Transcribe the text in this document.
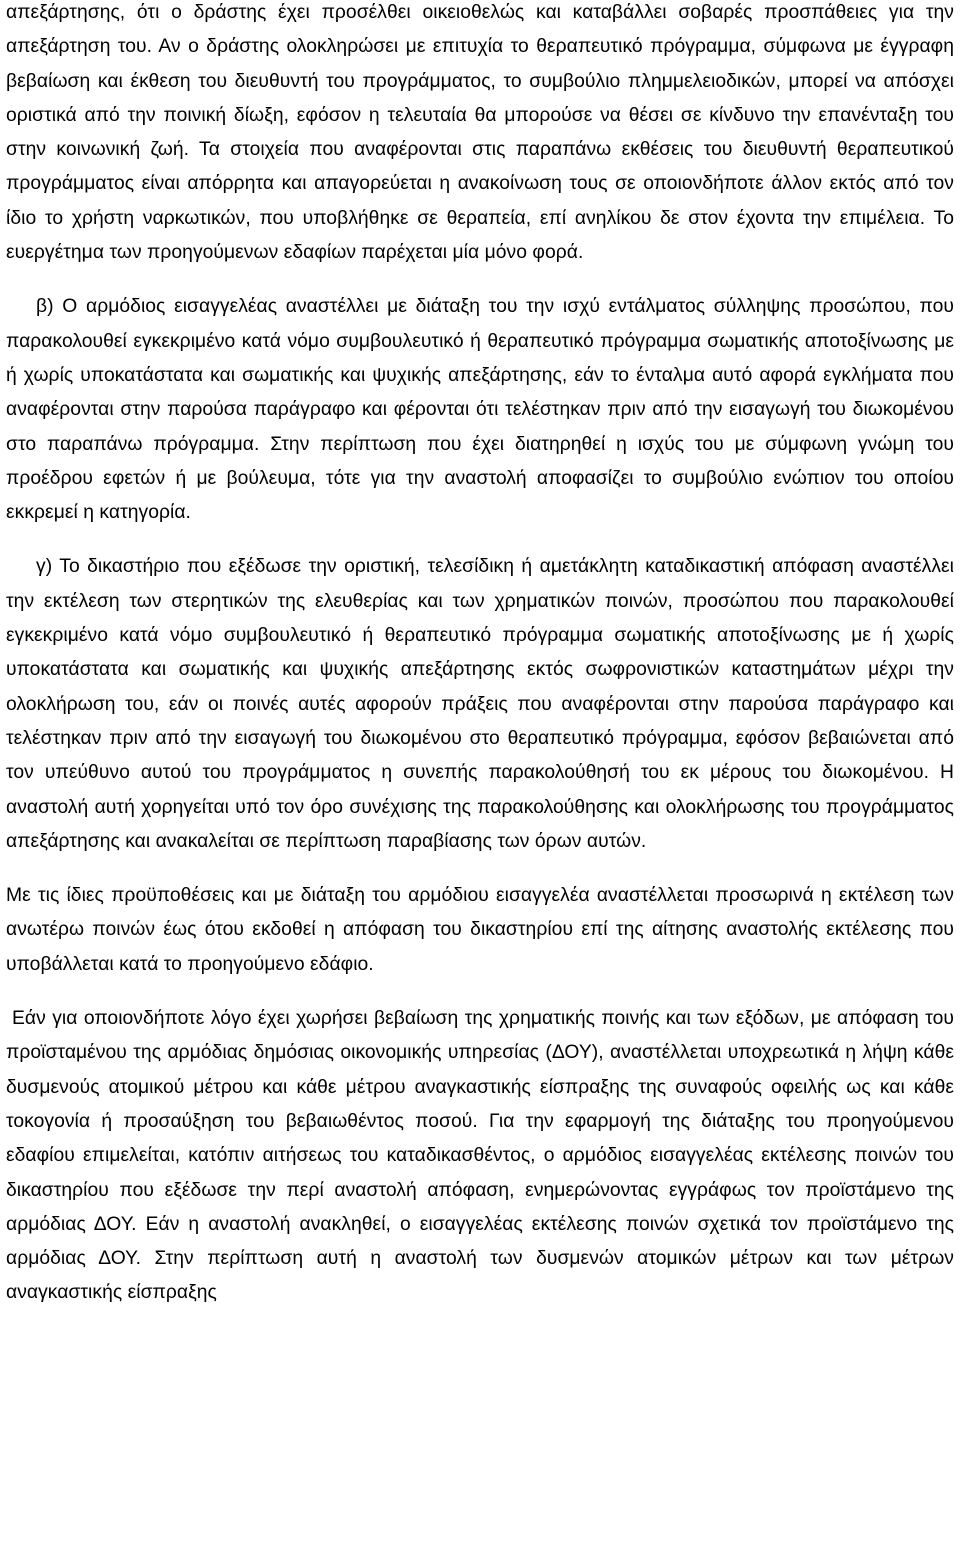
απεξάρτησης, ότι ο δράστης έχει προσέλθει οικειοθελώς και καταβάλλει σοβαρές προσπάθειες για την απεξάρτηση του. Αν ο δράστης ολοκληρώσει με επιτυχία το θεραπευτικό πρόγραμμα, σύμφωνα με έγγραφη βεβαίωση και έκθεση του διευθυντή του προγράμματος, το συμβούλιο πλημμελειοδικών, μπορεί να απόσχει οριστικά από την ποινική δίωξη, εφόσον η τελευταία θα μπορούσε να θέσει σε κίνδυνο την επανένταξη του στην κοινωνική ζωή. Τα στοιχεία που αναφέρονται στις παραπάνω εκθέσεις του διευθυντή θεραπευτικού προγράμματος είναι απόρρητα και απαγορεύεται η ανακοίνωση τους σε οποιονδήποτε άλλον εκτός από τον ίδιο το χρήστη ναρκωτικών, που υποβλήθηκε σε θεραπεία, επί ανηλίκου δε στον έχοντα την επιμέλεια. Το ευεργέτημα των προηγούμενων εδαφίων παρέχεται μία μόνο φορά.

β) Ο αρμόδιος εισαγγελέας αναστέλλει με διάταξη του την ισχύ εντάλματος σύλληψης προσώπου, που παρακολουθεί εγκεκριμένο κατά νόμο συμβουλευτικό ή θεραπευτικό πρόγραμμα σωματικής αποτοξίνωσης με ή χωρίς υποκατάστατα και σωματικής και ψυχικής απεξάρτησης, εάν το ένταλμα αυτό αφορά εγκλήματα που αναφέρονται στην παρούσα παράγραφο και φέρονται ότι τελέστηκαν πριν από την εισαγωγή του διωκομένου στο παραπάνω πρόγραμμα. Στην περίπτωση που έχει διατηρηθεί η ισχύς του με σύμφωνη γνώμη του προέδρου εφετών ή με βούλευμα, τότε για την αναστολή αποφασίζει το συμβούλιο ενώπιον του οποίου εκκρεμεί η κατηγορία.

γ) Το δικαστήριο που εξέδωσε την οριστική, τελεσίδικη ή αμετάκλητη καταδικαστική απόφαση αναστέλλει την εκτέλεση των στερητικών της ελευθερίας και των χρηματικών ποινών, προσώπου που παρακολουθεί εγκεκριμένο κατά νόμο συμβουλευτικό ή θεραπευτικό πρόγραμμα σωματικής αποτοξίνωσης με ή χωρίς υποκατάστατα και σωματικής και ψυχικής απεξάρτησης εκτός σωφρονιστικών καταστημάτων μέχρι την ολοκλήρωση του, εάν οι ποινές αυτές αφορούν πράξεις που αναφέρονται στην παρούσα παράγραφο και τελέστηκαν πριν από την εισαγωγή του διωκομένου στο θεραπευτικό πρόγραμμα, εφόσον βεβαιώνεται από τον υπεύθυνο αυτού του προγράμματος η συνεπής παρακολούθησή του εκ μέρους του διωκομένου. Η αναστολή αυτή χορηγείται υπό τον όρο συνέχισης της παρακολούθησης και ολοκλήρωσης του προγράμματος απεξάρτησης και ανακαλείται σε περίπτωση παραβίασης των όρων αυτών.

Με τις ίδιες προϋποθέσεις και με διάταξη του αρμόδιου εισαγγελέα αναστέλλεται προσωρινά η εκτέλεση των ανωτέρω ποινών έως ότου εκδοθεί η απόφαση του δικαστηρίου επί της αίτησης αναστολής εκτέλεσης που υποβάλλεται κατά το προηγούμενο εδάφιο.

Εάν για οποιονδήποτε λόγο έχει χωρήσει βεβαίωση της χρηματικής ποινής και των εξόδων, με απόφαση του προϊσταμένου της αρμόδιας δημόσιας οικονομικής υπηρεσίας (ΔΟΥ), αναστέλλεται υποχρεωτικά η λήψη κάθε δυσμενούς ατομικού μέτρου και κάθε μέτρου αναγκαστικής είσπραξης της συναφούς οφειλής ως και κάθε τοκογονία ή προσαύξηση του βεβαιωθέντος ποσού. Για την εφαρμογή της διάταξης του προηγούμενου εδαφίου επιμελείται, κατόπιν αιτήσεως του καταδικασθέντος, ο αρμόδιος εισαγγελέας εκτέλεσης ποινών του δικαστηρίου που εξέδωσε την περί αναστολή απόφαση, ενημερώνοντας εγγράφως τον προϊστάμενο της αρμόδιας ΔΟΥ. Εάν η αναστολή ανακληθεί, ο εισαγγελέας εκτέλεσης ποινών σχετικά τον προϊστάμενο της αρμόδιας ΔΟΥ. Στην περίπτωση αυτή η αναστολή των δυσμενών ατομικών μέτρων και των μέτρων αναγκαστικής είσπραξης
